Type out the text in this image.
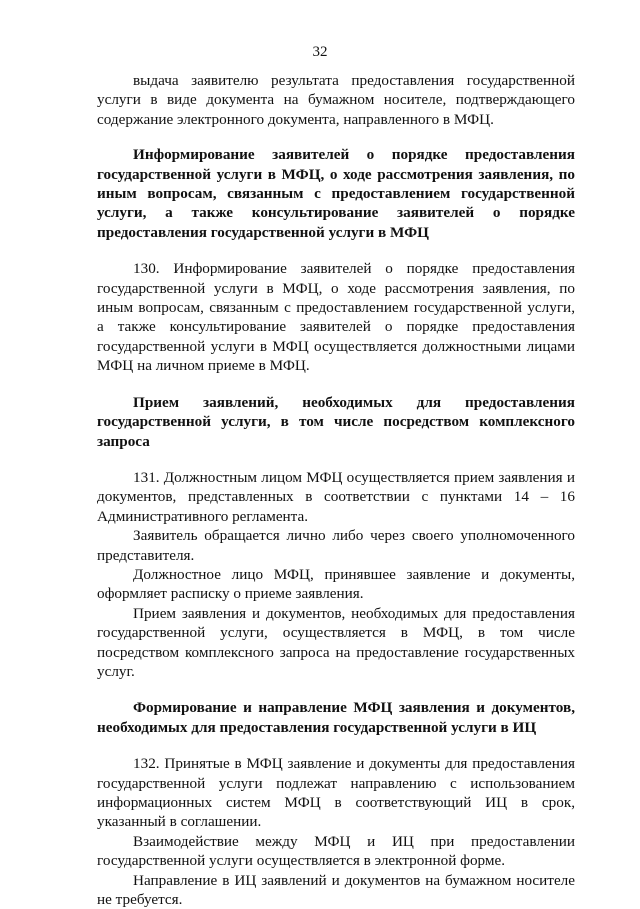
32

выдача заявителю результата предоставления государственной услуги в виде документа на бумажном носителе, подтверждающего содержание электронного документа, направленного в МФЦ.

Информирование заявителей о порядке предоставления государственной услуги в МФЦ, о ходе рассмотрения заявления, по иным вопросам, связанным с предоставлением государственной услуги, а также консультирование заявителей о порядке предоставления государственной услуги в МФЦ

130. Информирование заявителей о порядке предоставления государственной услуги в МФЦ, о ходе рассмотрения заявления, по иным вопросам, связанным с предоставлением государственной услуги, а также консультирование заявителей о порядке предоставления государственной услуги в МФЦ осуществляется должностными лицами МФЦ на личном приеме в МФЦ.

Прием заявлений, необходимых для предоставления государственной услуги, в том числе посредством комплексного запроса

131. Должностным лицом МФЦ осуществляется прием заявления и документов, представленных в соответствии с пунктами 14 – 16 Административного регламента.

Заявитель обращается лично либо через своего уполномоченного представителя.

Должностное лицо МФЦ, принявшее заявление и документы, оформляет расписку о приеме заявления.

Прием заявления и документов, необходимых для предоставления государственной услуги, осуществляется в МФЦ, в том числе посредством комплексного запроса на предоставление государственных услуг.

Формирование и направление МФЦ заявления и документов, необходимых для предоставления государственной услуги в ИЦ

132. Принятые в МФЦ заявление и документы для предоставления государственной услуги подлежат направлению с использованием информационных систем МФЦ в соответствующий ИЦ в срок, указанный в соглашении.

Взаимодействие между МФЦ и ИЦ при предоставлении государственной услуги осуществляется в электронной форме.

Направление в ИЦ заявлений и документов на бумажном носителе не требуется.
